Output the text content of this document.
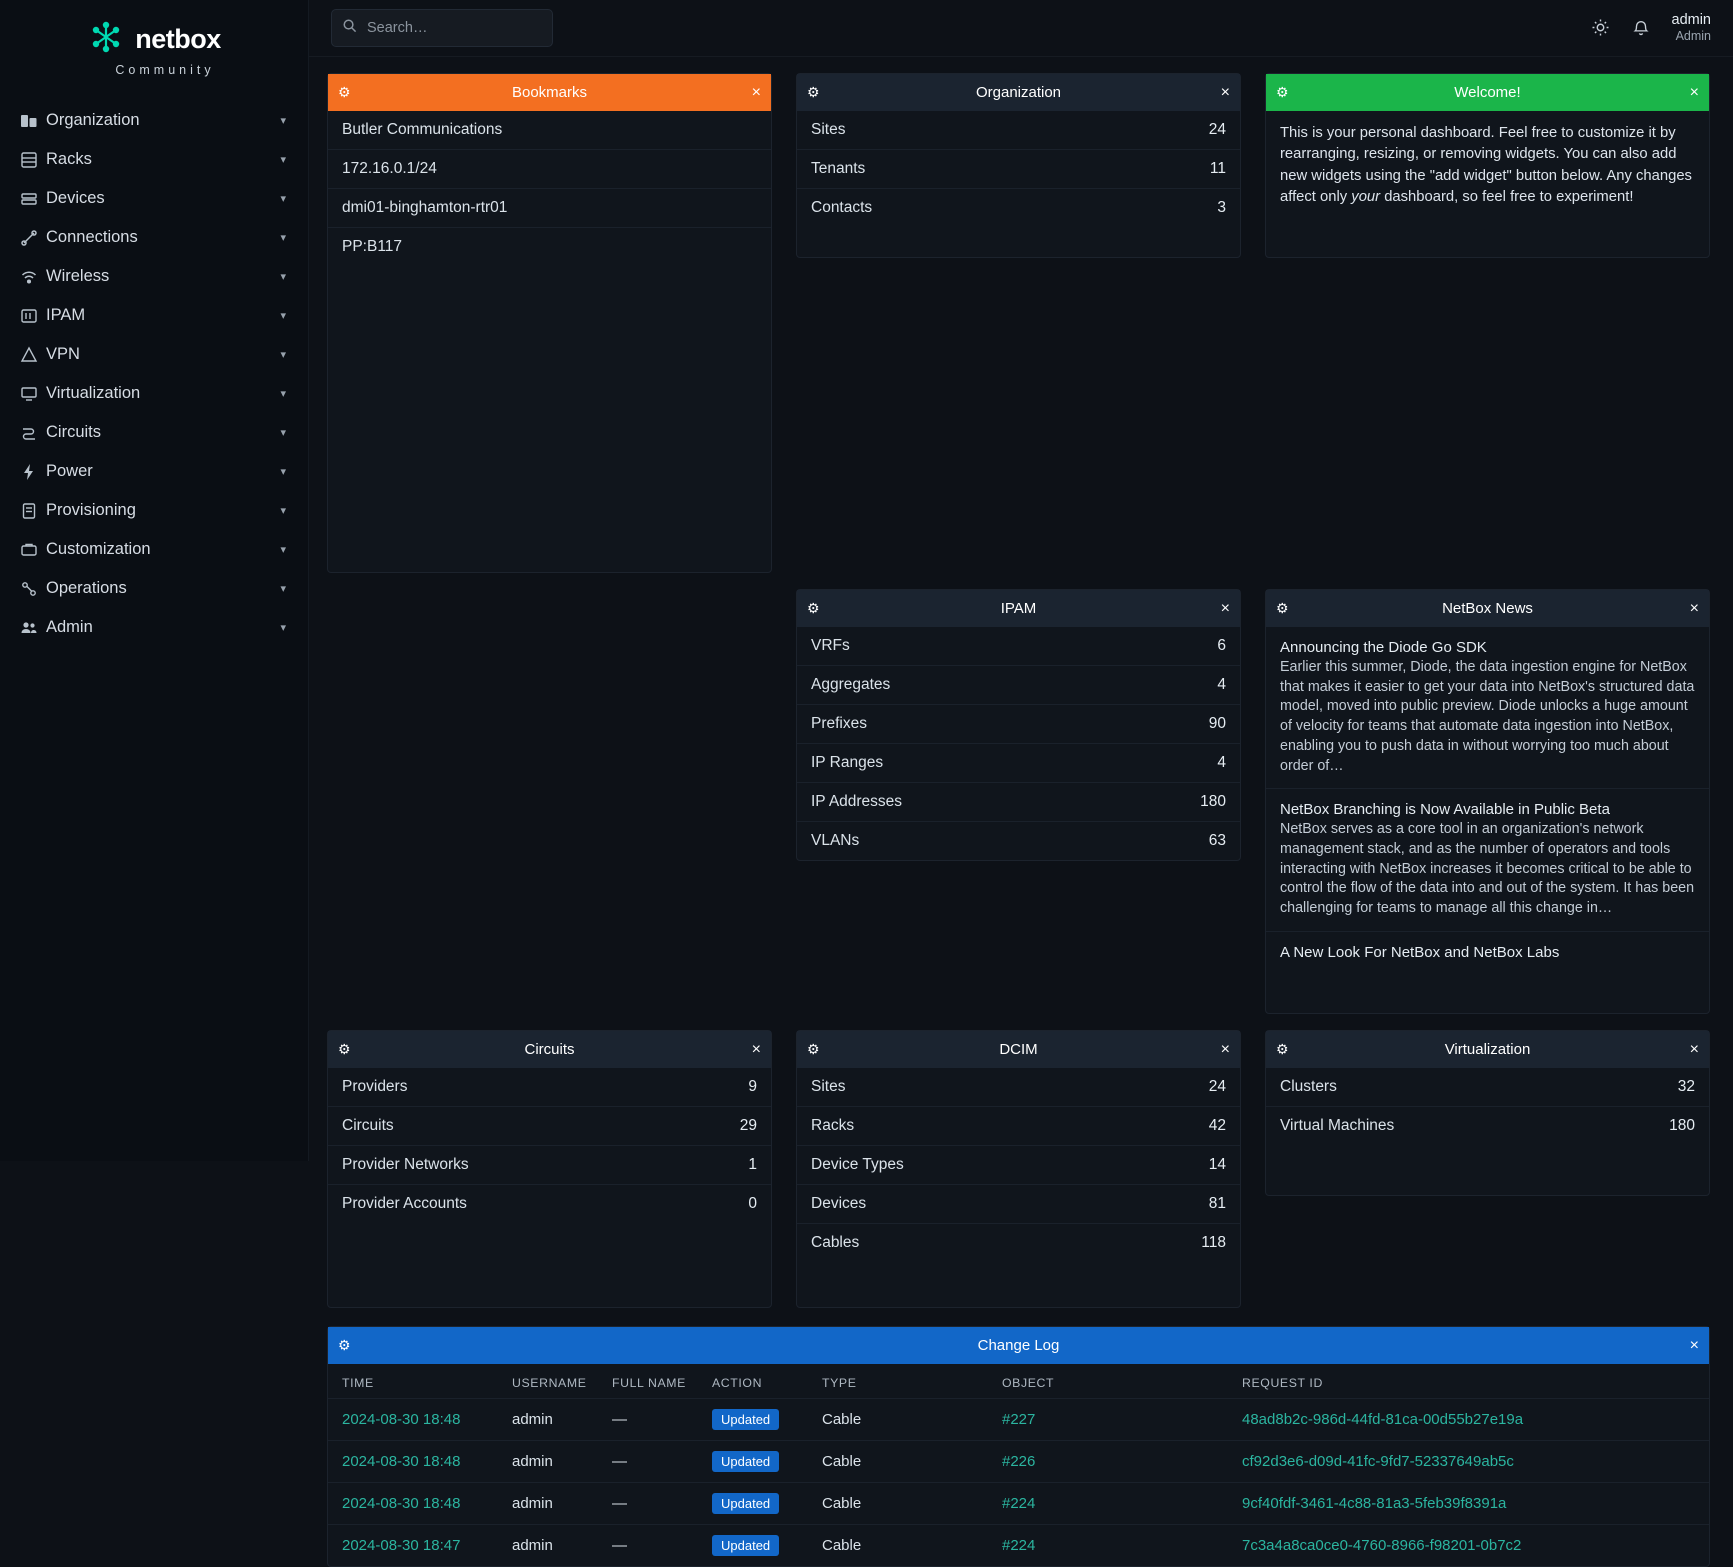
netbox
Community
Organization	▾
Racks	▾
Devices	▾
Connections	▾
Wireless	▾
IPAM	▾
VPN	▾
Virtualization	▾
Circuits	▾
Power	▾
Provisioning	▾
Customization	▾
Operations	▾
Admin	▾
Search…
admin
Admin
⚙	Bookmarks	×
Butler Communications
172.16.0.1/24
dmi01-binghamton-rtr01
PP:B117
⚙	Organization	×
Sites	24
Tenants	11
Contacts	3
⚙	Welcome!	×
This is your personal dashboard. Feel free to customize it by rearranging, resizing, or removing widgets. You can also add new widgets using the "add widget" button below. Any changes affect only your dashboard, so feel free to experiment!
⚙	IPAM	×
VRFs	6
Aggregates	4
Prefixes	90
IP Ranges	4
IP Addresses	180
VLANs	63
⚙	NetBox News	×
Announcing the Diode Go SDK
Earlier this summer, Diode, the data ingestion engine for NetBox that makes it easier to get your data into NetBox's structured data model, moved into public preview. Diode unlocks a huge amount of velocity for teams that automate data ingestion into NetBox, enabling you to push data in without worrying too much about order of…
NetBox Branching is Now Available in Public Beta
NetBox serves as a core tool in an organization's network management stack, and as the number of operators and tools interacting with NetBox increases it becomes critical to be able to control the flow of the data into and out of the system. It has been challenging for teams to manage all this change in…
A New Look For NetBox and NetBox Labs
⚙	Circuits	×
Providers	9
Circuits	29
Provider Networks	1
Provider Accounts	0
⚙	DCIM	×
Sites	24
Racks	42
Device Types	14
Devices	81
Cables	118
⚙	Virtualization	×
Clusters	32
Virtual Machines	180
⚙	Change Log	×
TIME	USERNAME	FULL NAME	ACTION	TYPE	OBJECT	REQUEST ID
2024-08-30 18:48	admin	—	Updated	Cable	#227	48ad8b2c-986d-44fd-81ca-00d55b27e19a
2024-08-30 18:48	admin	—	Updated	Cable	#226	cf92d3e6-d09d-41fc-9fd7-52337649ab5c
2024-08-30 18:48	admin	—	Updated	Cable	#224	9cf40fdf-3461-4c88-81a3-5feb39f8391a
2024-08-30 18:47	admin	—	Updated	Cable	#224	7c3a4a8ca0ce0-4760-8966-f98201-0b7c2
